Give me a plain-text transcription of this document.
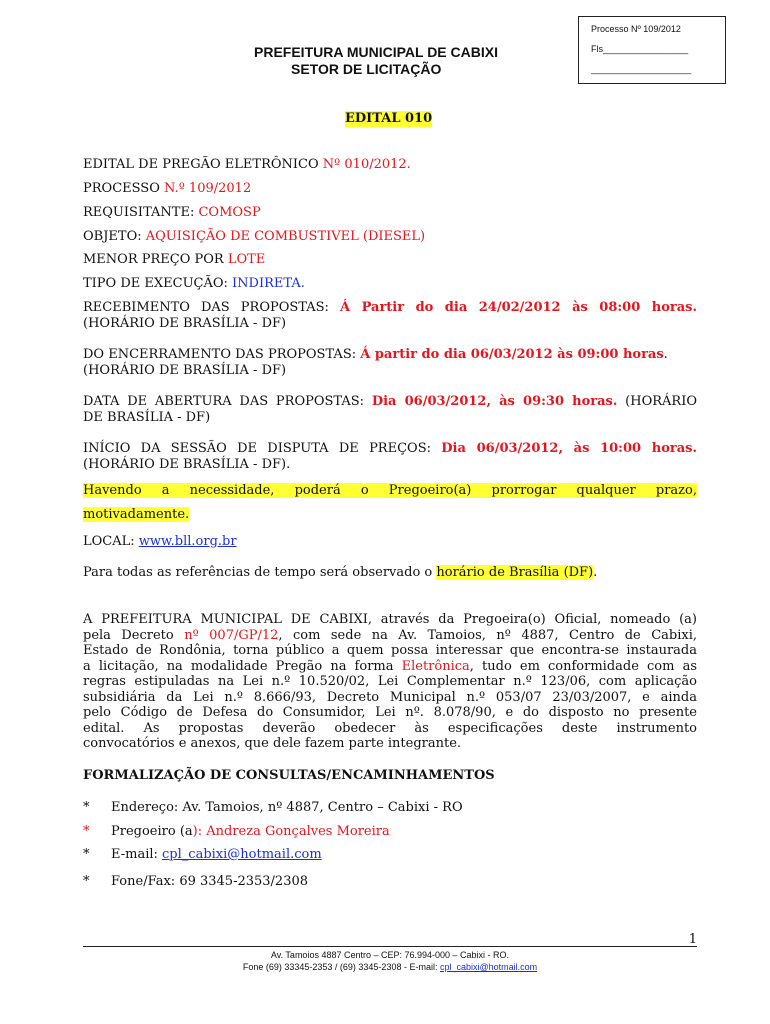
Processo Nº 109/2012
Fls_________________
____________________
PREFEITURA MUNICIPAL DE CABIXI
SETOR DE LICITAÇÃO
EDITAL 010
EDITAL DE PREGÃO ELETRÔNICO Nº 010/2012.
PROCESSO N.º 109/2012
REQUISITANTE: COMOSP
OBJETO: AQUISIÇÃO DE COMBUSTIVEL (DIESEL)
MENOR PREÇO POR LOTE
TIPO DE EXECUÇÃO: INDIRETA.
RECEBIMENTO DAS PROPOSTAS: Á Partir do dia 24/02/2012 às 08:00 horas.
(HORÁRIO DE BRASÍLIA - DF)
DO ENCERRAMENTO DAS PROPOSTAS: Á partir do dia 06/03/2012 às 09:00 horas.
(HORÁRIO DE BRASÍLIA - DF)
DATA DE ABERTURA DAS PROPOSTAS: Dia 06/03/2012, às 09:30 horas. (HORÁRIO
DE BRASÍLIA - DF)
INÍCIO DA SESSÃO DE DISPUTA DE PREÇOS: Dia 06/03/2012, às 10:00 horas.
(HORÁRIO DE BRASÍLIA - DF).
Havendo a necessidade, poderá o Pregoeiro(a) prorrogar qualquer prazo,
motivadamente.
LOCAL: www.bll.org.br
Para todas as referências de tempo será observado o horário de Brasília (DF).
A PREFEITURA MUNICIPAL DE CABIXI, através da Pregoeira(o) Oficial, nomeado (a)
pela Decreto nº 007/GP/12, com sede na Av. Tamoios, nº 4887, Centro de Cabixi,
Estado de Rondônia, torna público a quem possa interessar que encontra-se instaurada
a licitação, na modalidade Pregão na forma Eletrônica, tudo em conformidade com as
regras estipuladas na Lei n.º 10.520/02, Lei Complementar n.º 123/06, com aplicação
subsidiária da Lei n.º 8.666/93, Decreto Municipal n.º 053/07 23/03/2007, e ainda
pelo Código de Defesa do Consumidor, Lei nº. 8.078/90, e do disposto no presente
edital. As propostas deverão obedecer às especificações deste instrumento
convocatórios e anexos, que dele fazem parte integrante.
FORMALIZAÇÃO DE CONSULTAS/ENCAMINHAMENTOS
* Endereço: Av. Tamoios, nº 4887, Centro – Cabixi - RO
* Pregoeiro (a): Andreza Gonçalves Moreira
* E-mail: cpl_cabixi@hotmail.com
* Fone/Fax: 69 3345-2353/2308
1
Av. Tamoios 4887 Centro – CEP: 76.994-000 – Cabixi - RO.
Fone (69) 33345-2353 / (69) 3345-2308 - E-mail: cpl_cabixi@hotmail.com
